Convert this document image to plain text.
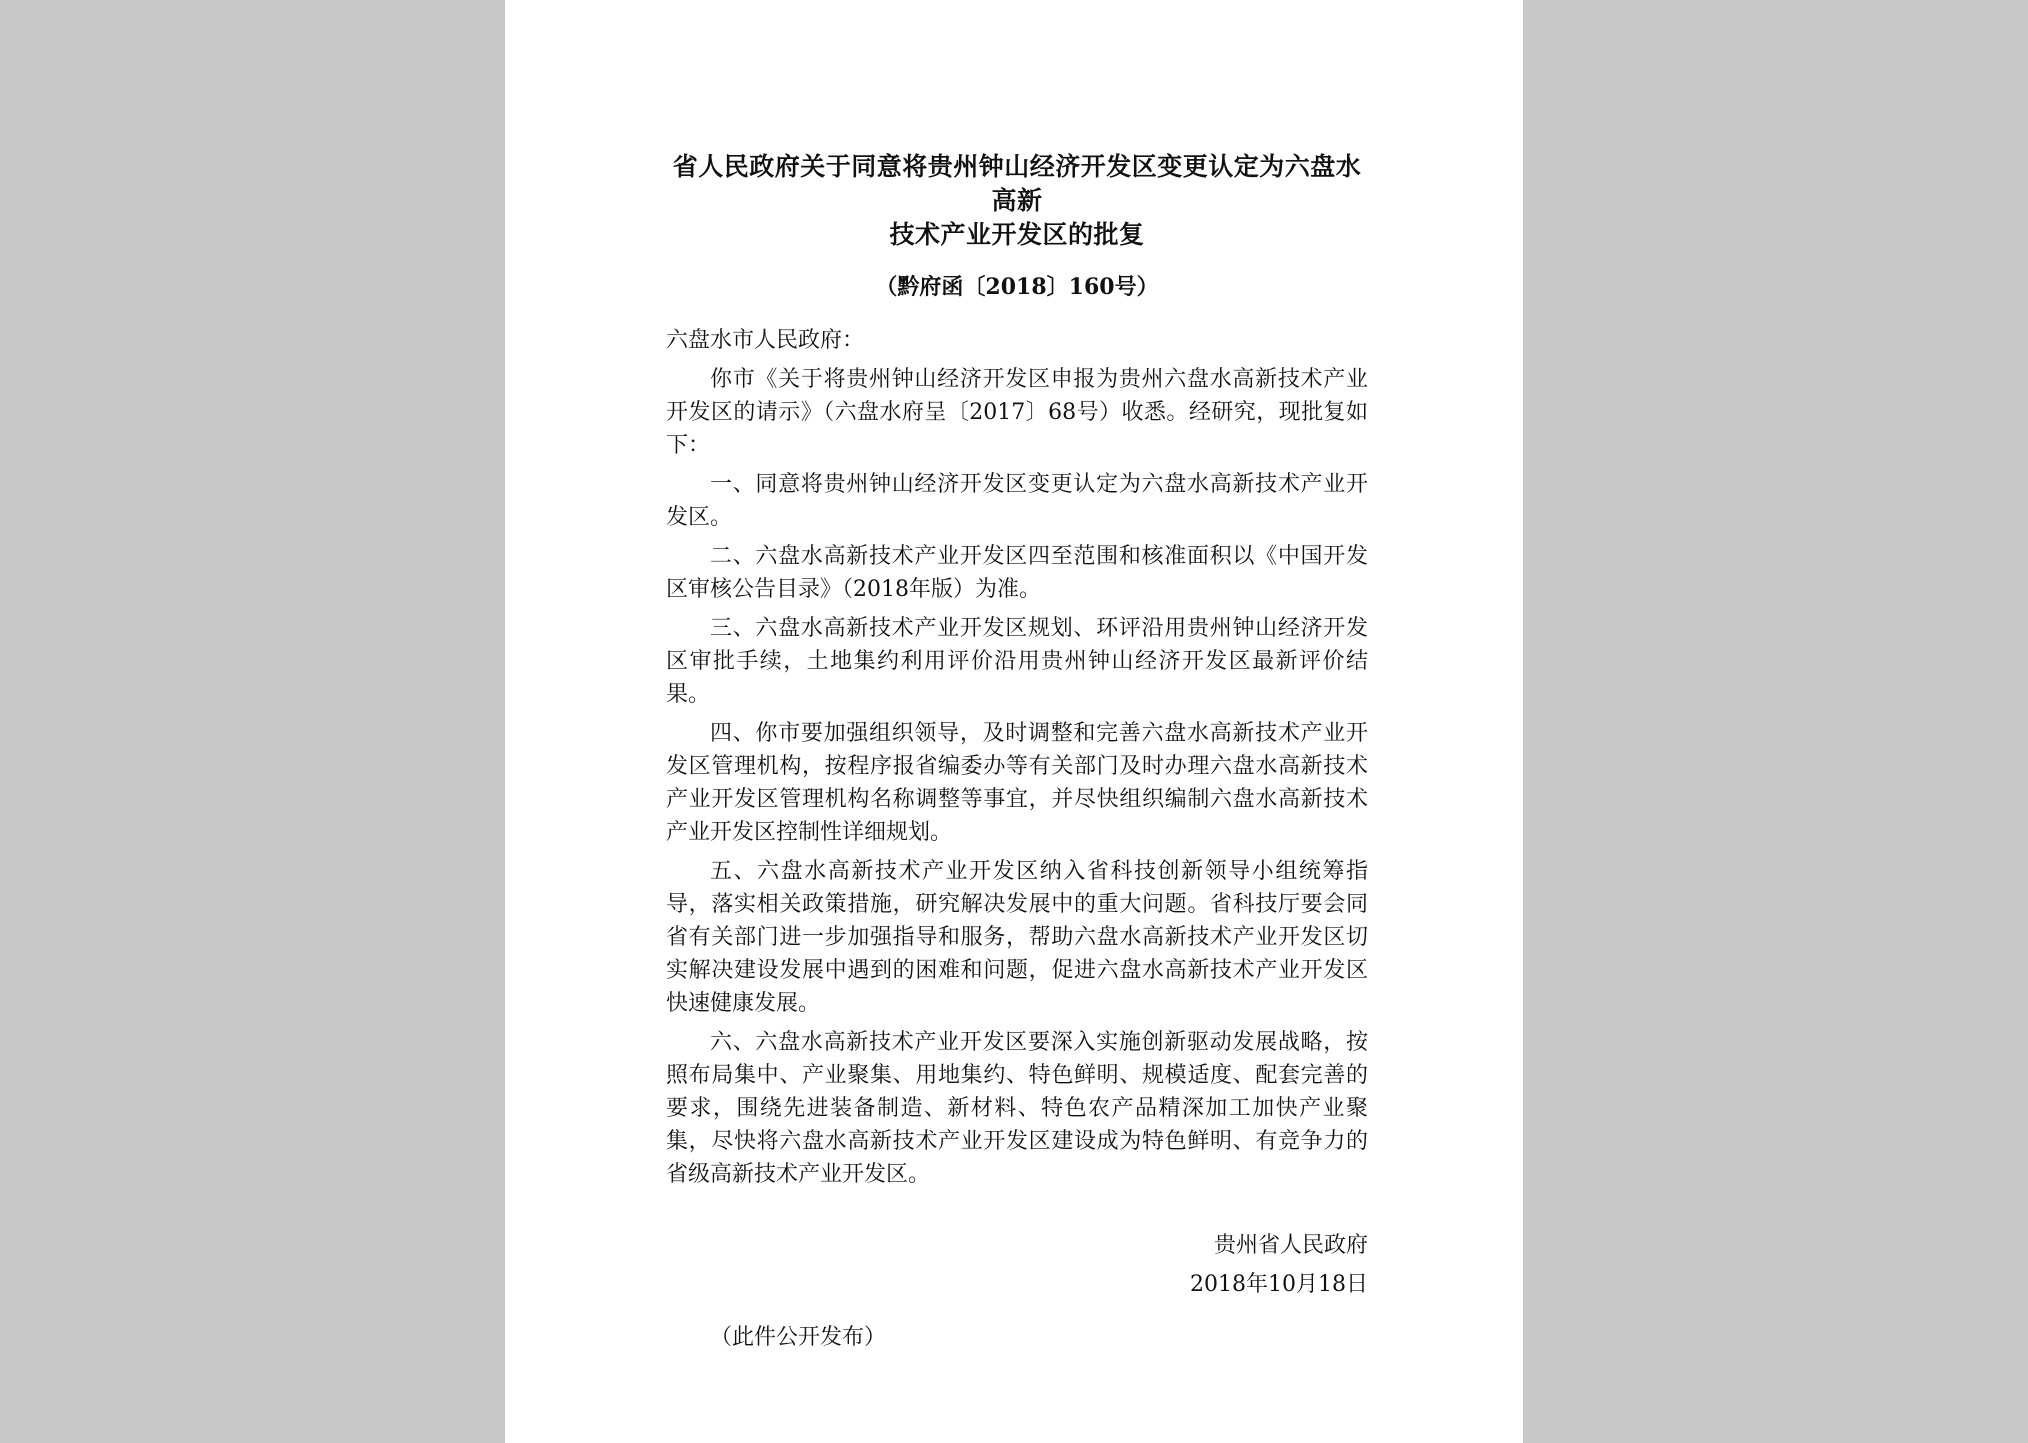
省人民政府关于同意将贵州钟山经济开发区变更认定为六盘水高新
技术产业开发区的批复

（黔府函〔2018〕160号）

六盘水市人民政府：

你市《关于将贵州钟山经济开发区申报为贵州六盘水高新技术产业开发区的请示》（六盘水府呈〔2017〕68号）收悉。经研究，现批复如下：

一、同意将贵州钟山经济开发区变更认定为六盘水高新技术产业开发区。

二、六盘水高新技术产业开发区四至范围和核准面积以《中国开发区审核公告目录》（2018年版）为准。

三、六盘水高新技术产业开发区规划、环评沿用贵州钟山经济开发区审批手续，土地集约利用评价沿用贵州钟山经济开发区最新评价结果。

四、你市要加强组织领导，及时调整和完善六盘水高新技术产业开发区管理机构，按程序报省编委办等有关部门及时办理六盘水高新技术产业开发区管理机构名称调整等事宜，并尽快组织编制六盘水高新技术产业开发区控制性详细规划。

五、六盘水高新技术产业开发区纳入省科技创新领导小组统筹指导，落实相关政策措施，研究解决发展中的重大问题。省科技厅要会同省有关部门进一步加强指导和服务，帮助六盘水高新技术产业开发区切实解决建设发展中遇到的困难和问题，促进六盘水高新技术产业开发区快速健康发展。

六、六盘水高新技术产业开发区要深入实施创新驱动发展战略，按照布局集中、产业聚集、用地集约、特色鲜明、规模适度、配套完善的要求，围绕先进装备制造、新材料、特色农产品精深加工加快产业聚集，尽快将六盘水高新技术产业开发区建设成为特色鲜明、有竞争力的省级高新技术产业开发区。

贵州省人民政府

2018年10月18日

（此件公开发布）
